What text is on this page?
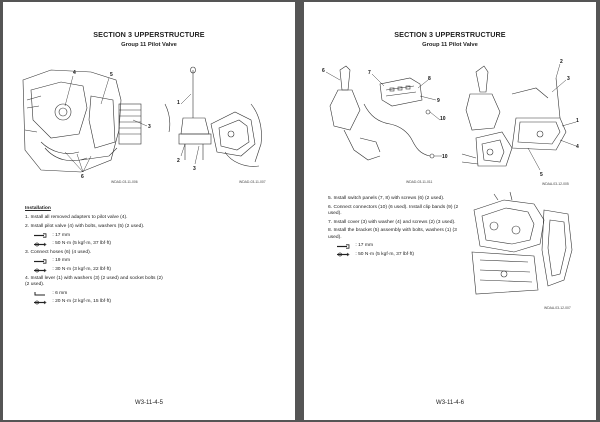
SECTION 3 UPPERSTRUCTURE
Group 11 Pilot Valve
4	5
3
6
WDAD-03-11-006
1
2
3
WDAD-03-11-007
Installation
1. Install all removed adapters to pilot valve (4).
2. Install pilot valve (4) with bolts, washers (5) (2 used).
: 17 mm
: 50 N·m (5 kgf·m, 37 lbf·ft)
3. Connect hoses (6) (4 used).
: 19 mm
: 30 N·m (3 kgf·m, 22 lbf·ft)
4. Install lever (1) with washers (3) (2 used) and socket bolts (2) (2 used).
: 6 mm
: 20 N·m (2 kgf·m, 15 lbf·ft)
W3-11-4-5
SECTION 3 UPPERSTRUCTURE
Group 11 Pilot Valve
6	7
8
9
10
10
WDAD-03-11-011
2
3
1
4
5
WDAA-03-12-005
WDAA-03-12-007
5. Install switch panels (7, 8) with screws (6) (2 used).
6. Connect connectors (10) (6 used). Install clip bands (9) (2 used).
7. Install cover (3) with washer (4) and screws (2) (3 used).
8. Install the bracket (5) assembly with bolts, washers (1) (3 used).
: 17 mm
: 50 N·m (5 kgf·m, 37 lbf·ft)
W3-11-4-6
